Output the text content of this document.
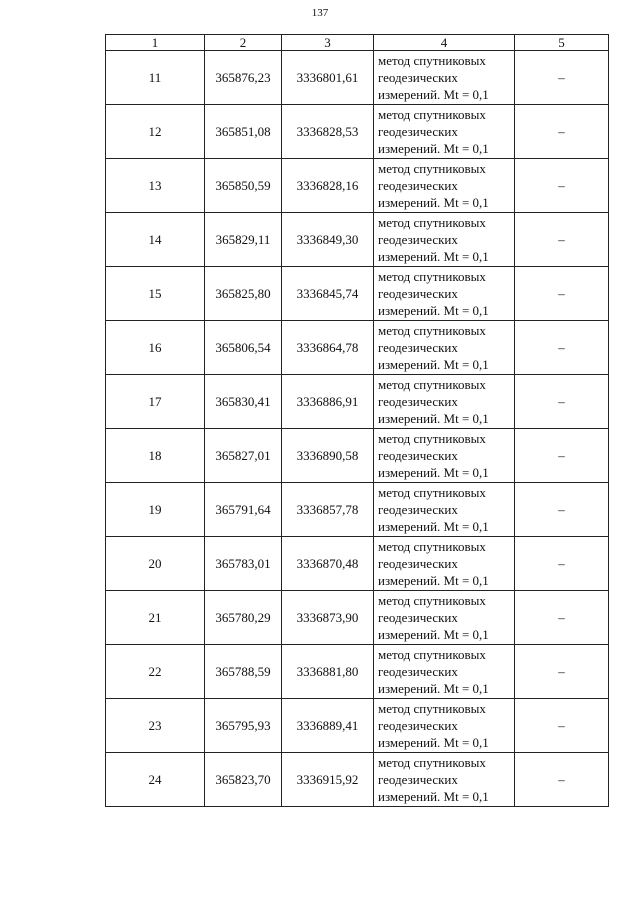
137
1	2	3	4	5
11	365876,23	3336801,61	метод спутниковых
геодезических
измерений. Mt = 0,1	–
12	365851,08	3336828,53	метод спутниковых
геодезических
измерений. Mt = 0,1	–
13	365850,59	3336828,16	метод спутниковых
геодезических
измерений. Mt = 0,1	–
14	365829,11	3336849,30	метод спутниковых
геодезических
измерений. Mt = 0,1	–
15	365825,80	3336845,74	метод спутниковых
геодезических
измерений. Mt = 0,1	–
16	365806,54	3336864,78	метод спутниковых
геодезических
измерений. Mt = 0,1	–
17	365830,41	3336886,91	метод спутниковых
геодезических
измерений. Mt = 0,1	–
18	365827,01	3336890,58	метод спутниковых
геодезических
измерений. Mt = 0,1	–
19	365791,64	3336857,78	метод спутниковых
геодезических
измерений. Mt = 0,1	–
20	365783,01	3336870,48	метод спутниковых
геодезических
измерений. Mt = 0,1	–
21	365780,29	3336873,90	метод спутниковых
геодезических
измерений. Mt = 0,1	–
22	365788,59	3336881,80	метод спутниковых
геодезических
измерений. Mt = 0,1	–
23	365795,93	3336889,41	метод спутниковых
геодезических
измерений. Mt = 0,1	–
24	365823,70	3336915,92	метод спутниковых
геодезических
измерений. Mt = 0,1	–
